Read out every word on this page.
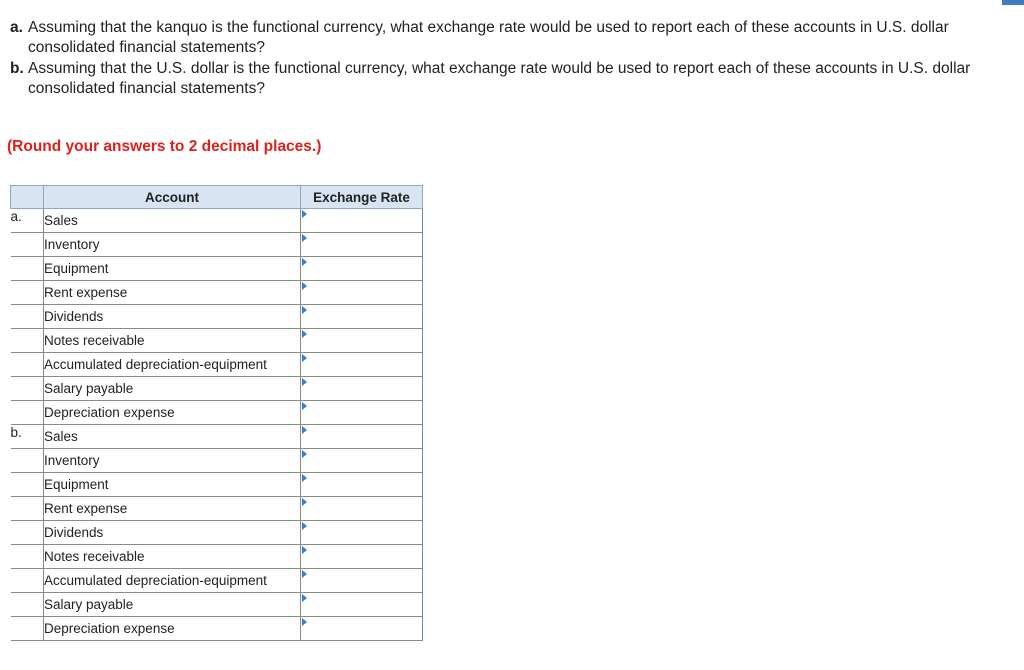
a. Assuming that the kanquo is the functional currency, what exchange rate would be used to report each of these accounts in U.S. dollar consolidated financial statements?
b. Assuming that the U.S. dollar is the functional currency, what exchange rate would be used to report each of these accounts in U.S. dollar consolidated financial statements?
(Round your answers to 2 decimal places.)
	Account	Exchange Rate
a.	Sales	

	Inventory	

	Equipment	

	Rent expense	

	Dividends	

	Notes receivable	

	Accumulated depreciation-equipment	

	Salary payable	

	Depreciation expense	

b.	Sales	

	Inventory	

	Equipment	

	Rent expense	

	Dividends	

	Notes receivable	

	Accumulated depreciation-equipment	

	Salary payable	

	Depreciation expense	
